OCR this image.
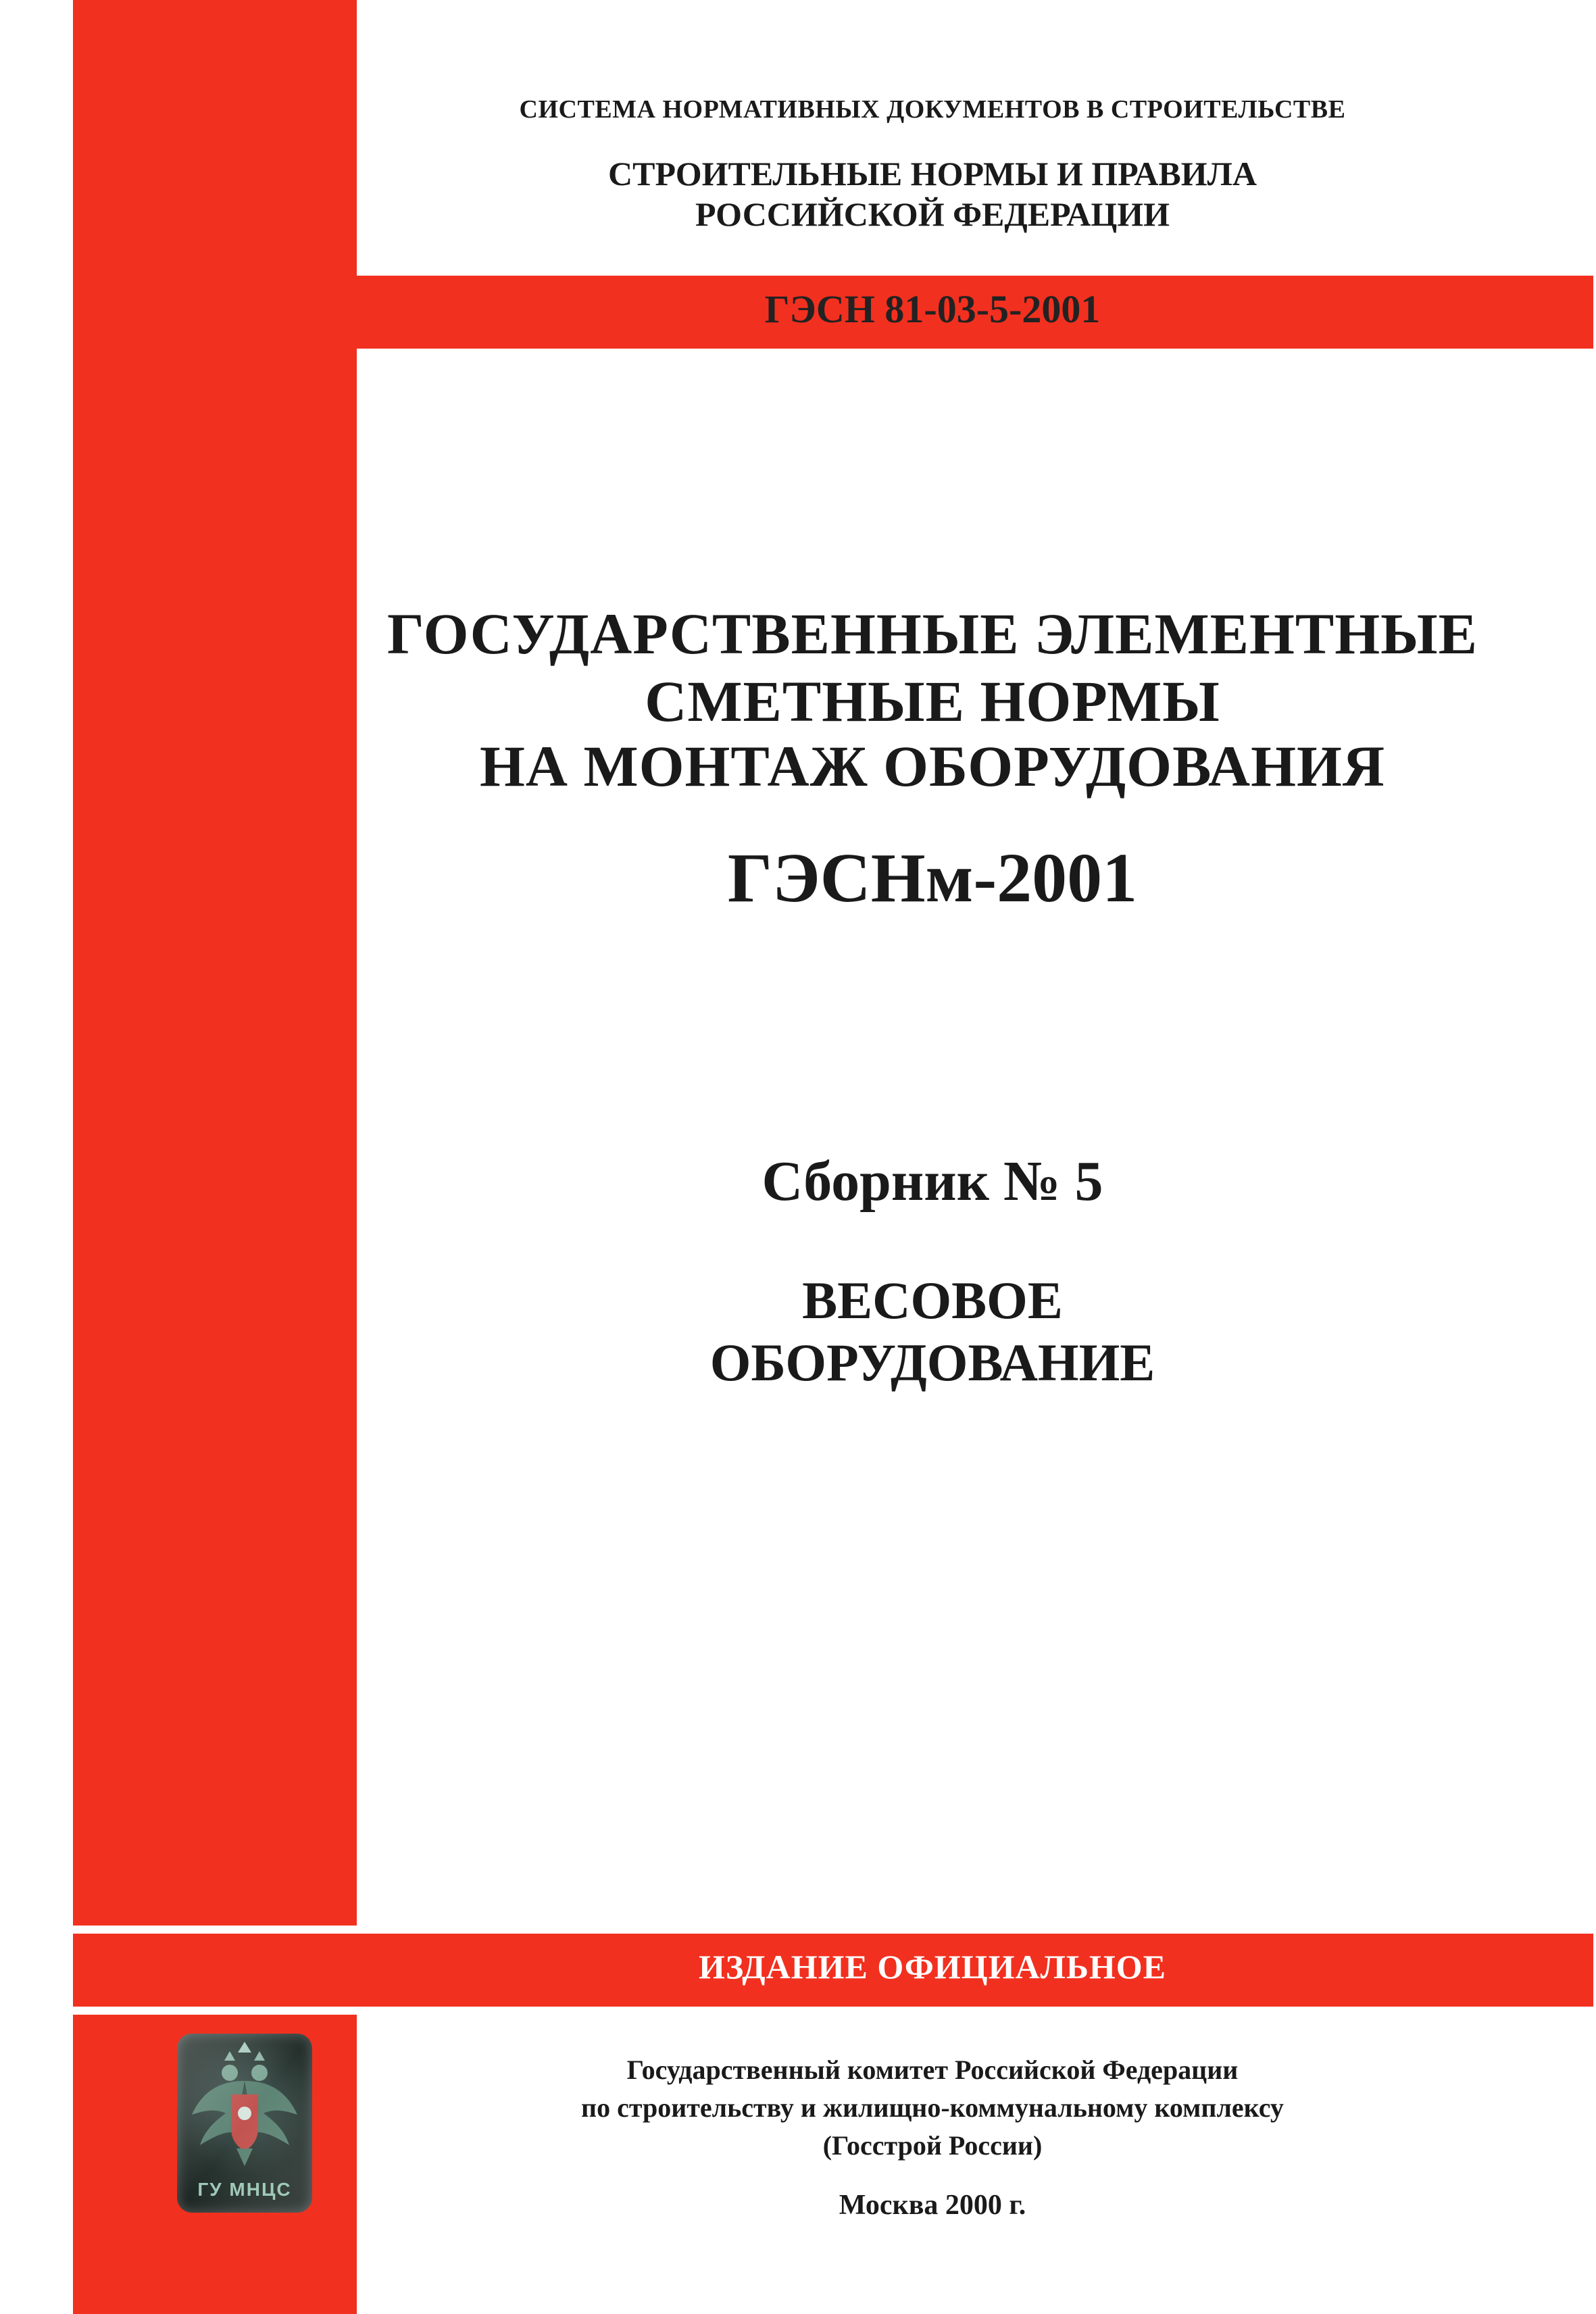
СИСТЕМА НОРМАТИВНЫХ ДОКУМЕНТОВ В СТРОИТЕЛЬСТВЕ
СТРОИТЕЛЬНЫЕ НОРМЫ И ПРАВИЛА
РОССИЙСКОЙ ФЕДЕРАЦИИ
ГЭСН 81-03-5-2001
ГОСУДАРСТВЕННЫЕ ЭЛЕМЕНТНЫЕ
СМЕТНЫЕ НОРМЫ
НА МОНТАЖ ОБОРУДОВАНИЯ
ГЭСНм-2001
Сборник № 5
ВЕСОВОЕ
ОБОРУДОВАНИЕ
ИЗДАНИЕ ОФИЦИАЛЬНОЕ
ГУ МНЦС
Государственный комитет Российской Федерации
по строительству и жилищно-коммунальному комплексу
(Госстрой России)
Москва 2000 г.
